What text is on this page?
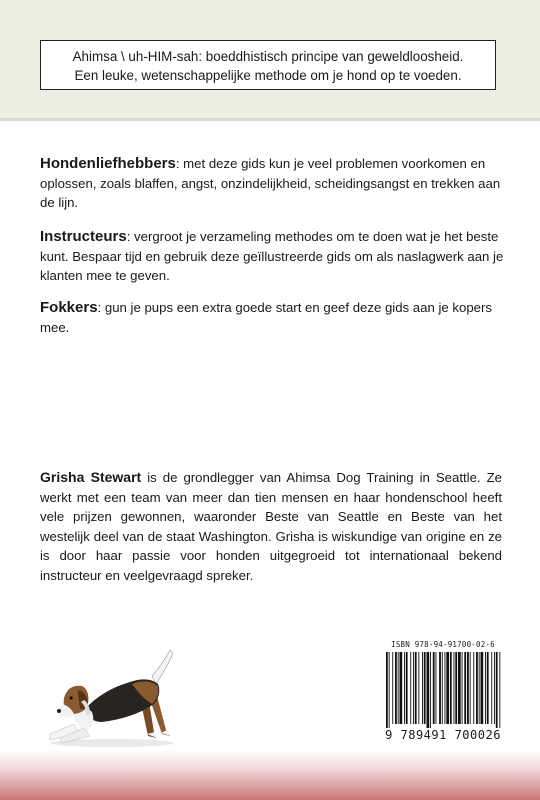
Ahimsa \ uh-HIM-sah: boeddhistisch principe van geweldloosheid.
Een leuke, wetenschappelijke methode om je hond op te voeden.
Hondenliefhebbers: met deze gids kun je veel problemen voorkomen en oplossen, zoals blaffen, angst, onzindelijkheid, scheidingsangst en trekken aan de lijn.
Instructeurs: vergroot je verzameling methodes om te doen wat je het beste kunt. Bespaar tijd en gebruik deze geïllustreerde gids om als naslagwerk aan je klanten mee te geven.
Fokkers: gun je pups een extra goede start en geef deze gids aan je kopers mee.
Grisha Stewart is de grondlegger van Ahimsa Dog Training in Seattle. Ze werkt met een team van meer dan tien mensen en haar hondenschool heeft vele prijzen gewonnen, waaronder Beste van Seattle en Beste van het westelijk deel van de staat Washington. Grisha is wiskundige van origine en ze is door haar passie voor honden uitgegroeid tot internationaal bekend instructeur en veelgevraagd spreker.
ISBN 978-94-91700-02-6
9 789491 700026
